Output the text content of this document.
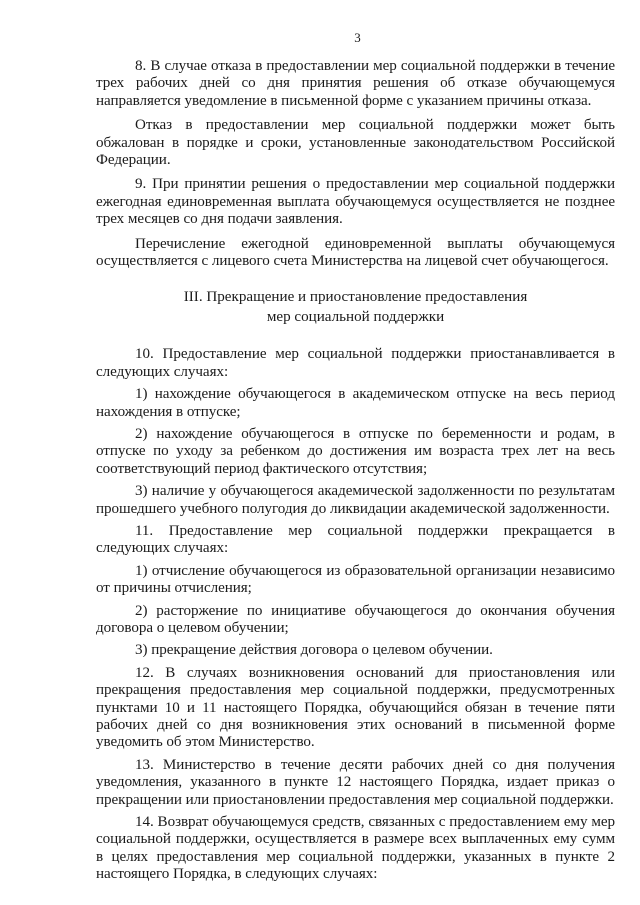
3

8. В случае отказа в предоставлении мер социальной поддержки в течение трех рабочих дней со дня принятия решения об отказе обучающемуся направляется уведомление в письменной форме с указанием причины отказа.

Отказ в предоставлении мер социальной поддержки может быть обжалован в порядке и сроки, установленные законодательством Российской Федерации.

9. При принятии решения о предоставлении мер социальной поддержки ежегодная единовременная выплата обучающемуся осуществляется не позднее трех месяцев со дня подачи заявления.

Перечисление ежегодной единовременной выплаты обучающемуся осуществляется с лицевого счета Министерства на лицевой счет обучающегося.

III. Прекращение и приостановление предоставления
мер социальной поддержки

10. Предоставление мер социальной поддержки приостанавливается в следующих случаях:

1) нахождение обучающегося в академическом отпуске на весь период нахождения в отпуске;

2) нахождение обучающегося в отпуске по беременности и родам, в отпуске по уходу за ребенком до достижения им возраста трех лет на весь соответствующий период фактического отсутствия;

3) наличие у обучающегося академической задолженности по результатам прошедшего учебного полугодия до ликвидации академической задолженности.

11. Предоставление мер социальной поддержки прекращается в следующих случаях:

1) отчисление обучающегося из образовательной организации независимо от причины отчисления;

2) расторжение по инициативе обучающегося до окончания обучения договора о целевом обучении;

3) прекращение действия договора о целевом обучении.

12. В случаях возникновения оснований для приостановления или прекращения предоставления мер социальной поддержки, предусмотренных пунктами 10 и 11 настоящего Порядка, обучающийся обязан в течение пяти рабочих дней со дня возникновения этих оснований в письменной форме уведомить об этом Министерство.

13. Министерство в течение десяти рабочих дней со дня получения уведомления, указанного в пункте 12 настоящего Порядка, издает приказ о прекращении или приостановлении предоставления мер социальной поддержки.

14. Возврат обучающемуся средств, связанных с предоставлением ему мер социальной поддержки, осуществляется в размере всех выплаченных ему сумм в целях предоставления мер социальной поддержки, указанных в пункте 2 настоящего Порядка, в следующих случаях:
